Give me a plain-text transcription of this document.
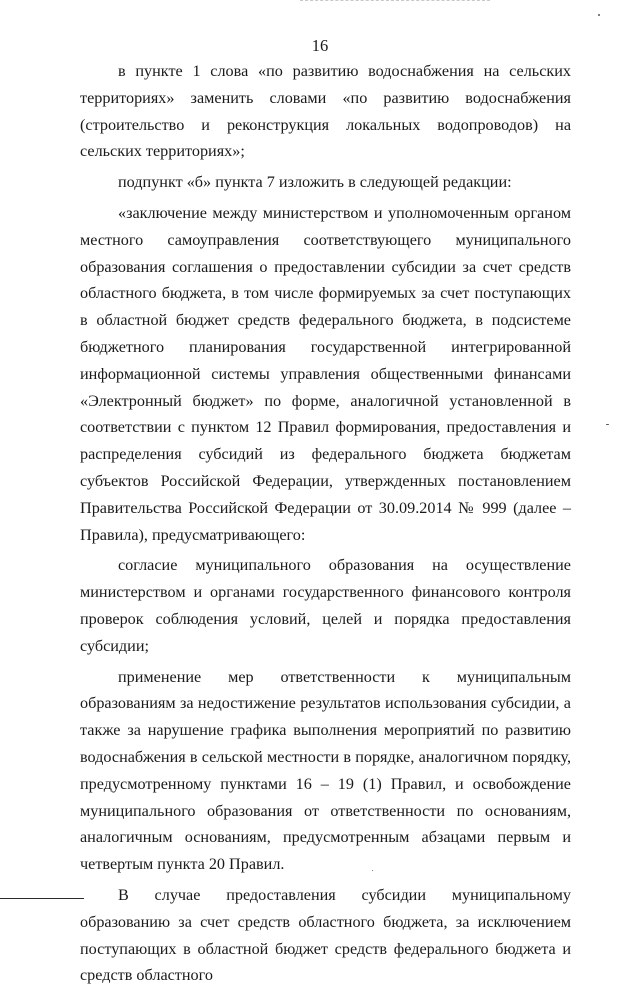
16

в пункте 1 слова «по развитию водоснабжения на сельских территориях» заменить словами «по развитию водоснабжения (строительство и реконструкция локальных водопроводов) на сельских территориях»;

подпункт «б» пункта 7 изложить в следующей редакции:

«заключение между министерством и уполномоченным органом местного самоуправления соответствующего муниципального образования соглашения о предоставлении субсидии за счет средств областного бюджета, в том числе формируемых за счет поступающих в областной бюджет средств федерального бюджета, в подсистеме бюджетного планирования государственной интегрированной информационной системы управления общественными финансами «Электронный бюджет» по форме, аналогичной установленной в соответствии с пунктом 12 Правил формирования, предоставления и распределения субсидий из федерального бюджета бюджетам субъектов Российской Федерации, утвержденных постановлением Правительства Российской Федерации от 30.09.2014 № 999 (далее – Правила), предусматривающего:

согласие муниципального образования на осуществление министерством и органами государственного финансового контроля проверок соблюдения условий, целей и порядка предоставления субсидии;

применение мер ответственности к муниципальным образованиям за недостижение результатов использования субсидии, а также за нарушение графика выполнения мероприятий по развитию водоснабжения в сельской местности в порядке, аналогичном порядку, предусмотренному пунктами 16 – 19 (1) Правил, и освобождение муниципального образования от ответственности по основаниям, аналогичным основаниям, предусмотренным абзацами первым и четвертым пункта 20 Правил.

В случае предоставления субсидии муниципальному образованию за счет средств областного бюджета, за исключением поступающих в областной бюджет средств федерального бюджета и средств областного
